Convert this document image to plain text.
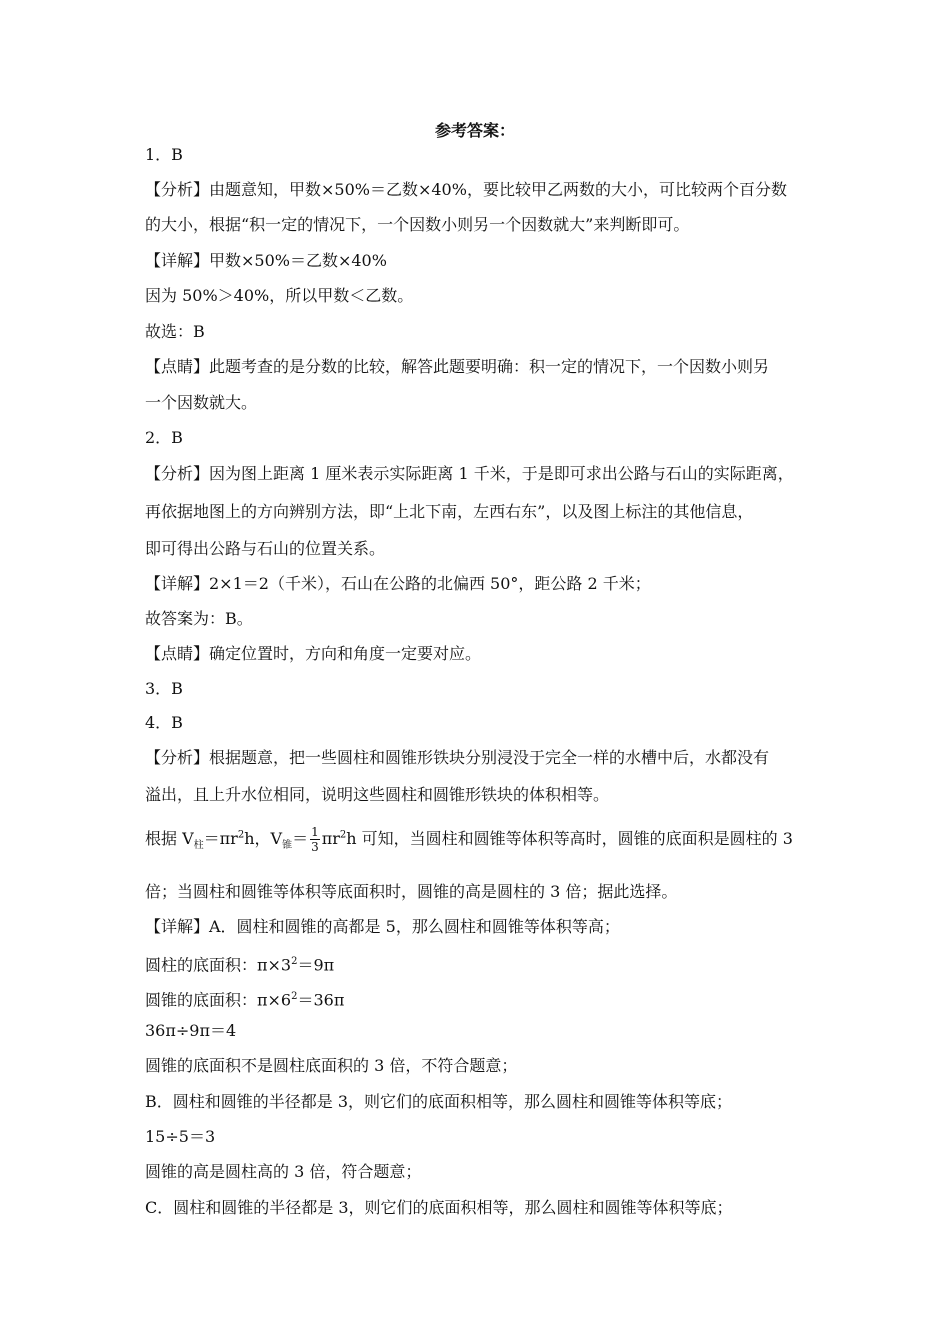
参考答案：
1．B
【分析】由题意知，甲数×50%＝乙数×40%，要比较甲乙两数的大小，可比较两个百分数
的大小，根据“积一定的情况下，一个因数小则另一个因数就大”来判断即可。
【详解】甲数×50%＝乙数×40%
因为 50%＞40%，所以甲数＜乙数。
故选：B
【点睛】此题考查的是分数的比较，解答此题要明确：积一定的情况下，一个因数小则另
一个因数就大。
2．B
【分析】因为图上距离 1 厘米表示实际距离 1 千米，于是即可求出公路与石山的实际距离，
再依据地图上的方向辨别方法，即“上北下南，左西右东”，以及图上标注的其他信息，
即可得出公路与石山的位置关系。
【详解】2×1＝2（千米），石山在公路的北偏西 50°，距公路 2 千米；
故答案为：B。
【点睛】确定位置时，方向和角度一定要对应。
3．B
4．B
【分析】根据题意，把一些圆柱和圆锥形铁块分别浸没于完全一样的水槽中后，水都没有
溢出，且上升水位相同，说明这些圆柱和圆锥形铁块的体积相等。
根据 $V_柱=\pi r^2h$，$V_锥= \frac{1}{3} \pi r^2h$ 可知，当圆柱和圆锥等体积等高时，圆锥的底面积是圆柱的 3
倍；当圆柱和圆锥等体积等底面积时，圆锥的高是圆柱的 3 倍；据此选择。
【详解】A．圆柱和圆锥的高都是 5，那么圆柱和圆锥等体积等高；
圆柱的底面积：$\pi\times 3^2=9\pi$
圆锥的底面积：$\pi\times 6^2=36\pi$
36π÷9π＝4
圆锥的底面积不是圆柱底面积的 3 倍，不符合题意；
B．圆柱和圆锥的半径都是 3，则它们的底面积相等，那么圆柱和圆锥等体积等底；
15÷5＝3
圆锥的高是圆柱高的 3 倍，符合题意；
C．圆柱和圆锥的半径都是 3，则它们的底面积相等，那么圆柱和圆锥等体积等底；
